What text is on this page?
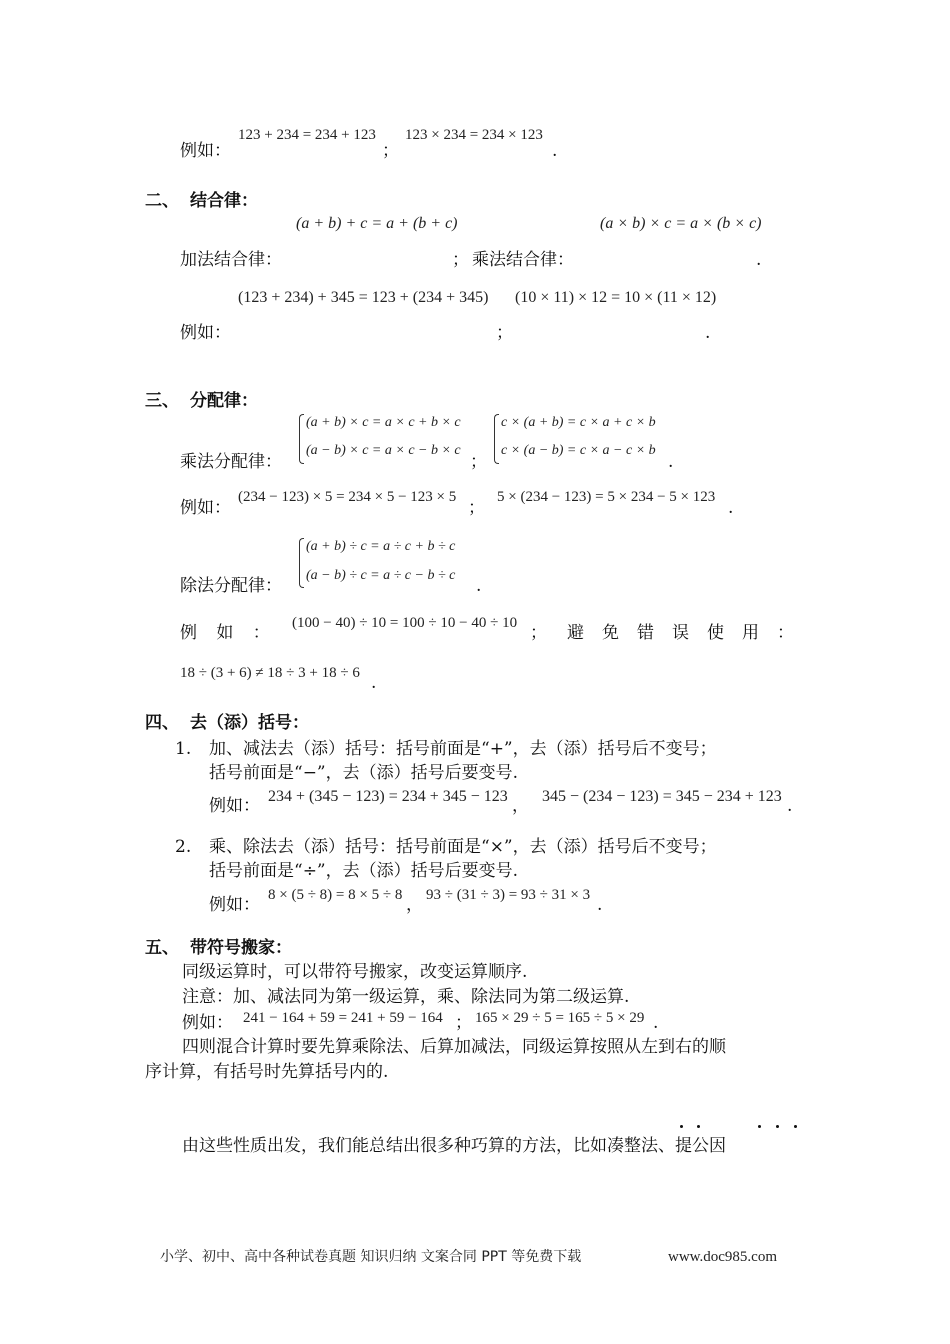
123 + 234 = 234 + 123 123 × 234 = 234 × 123
例如：	；	.
二、 结合律：
(a + b) + c = a + (b + c)	(a × b) × c = a × (b × c)
加法结合律：	； 乘法结合律：	.
(123 + 234) + 345 = 123 + (234 + 345) (10 × 11) × 12 = 10 × (11 × 12)
例如：	；	.
三、 分配律：
(a + b) × c = a × c + b × c
(a − b) × c = a × c − b × c
c × (a + b) = c × a + c × b
c × (a − b) = c × a − c × b
乘法分配律：	；	.
(234 − 123) × 5 = 234 × 5 − 123 × 5	5 × (234 − 123) = 5 × 234 − 5 × 123
例如：	；	.
(a + b) ÷ c = a ÷ c + b ÷ c
(a − b) ÷ c = a ÷ c − b ÷ c
除法分配律：	.
(100 − 40) ÷ 10 = 100 ÷ 10 − 40 ÷ 10
例 如 ：	； 避免错误使用：
18 ÷ (3 + 6) ≠ 18 ÷ 3 + 18 ÷ 6 .
四、 去（添）括号：
1. 加、减法去（添）括号：括号前面是“+”，去（添）括号后不变号；
括号前面是“−”，去（添）括号后要变号.
234 + (345 − 123) = 234 + 345 − 123 345 − (234 − 123) = 345 − 234 + 123
例如：	，	.
2. 乘、除法去（添）括号：括号前面是“×”，去（添）括号后不变号；
括号前面是“÷”，去（添）括号后要变号.
8 × (5 ÷ 8) = 8 × 5 ÷ 8 93 ÷ (31 ÷ 3) = 93 ÷ 31 × 3
例如：	，	.
五、 带符号搬家：
同级运算时，可以带符号搬家，改变运算顺序.
注意：加、减法同为第一级运算，乘、除法同为第二级运算.
241 − 164 + 59 = 241 + 59 − 164 165 × 29 ÷ 5 = 165 ÷ 5 × 29
例如：	；	.
四则混合计算时要先算乘除法、后算加减法，同级运算按照从左到右的顺
序计算，有括号时先算括号内的.
由这些性质出发，我们能总结出很多种巧算的方法，比如凑整法、提公因
小学、初中、高中各种试卷真题 知识归纳 文案合同 PPT 等免费下载	www.doc985.com
